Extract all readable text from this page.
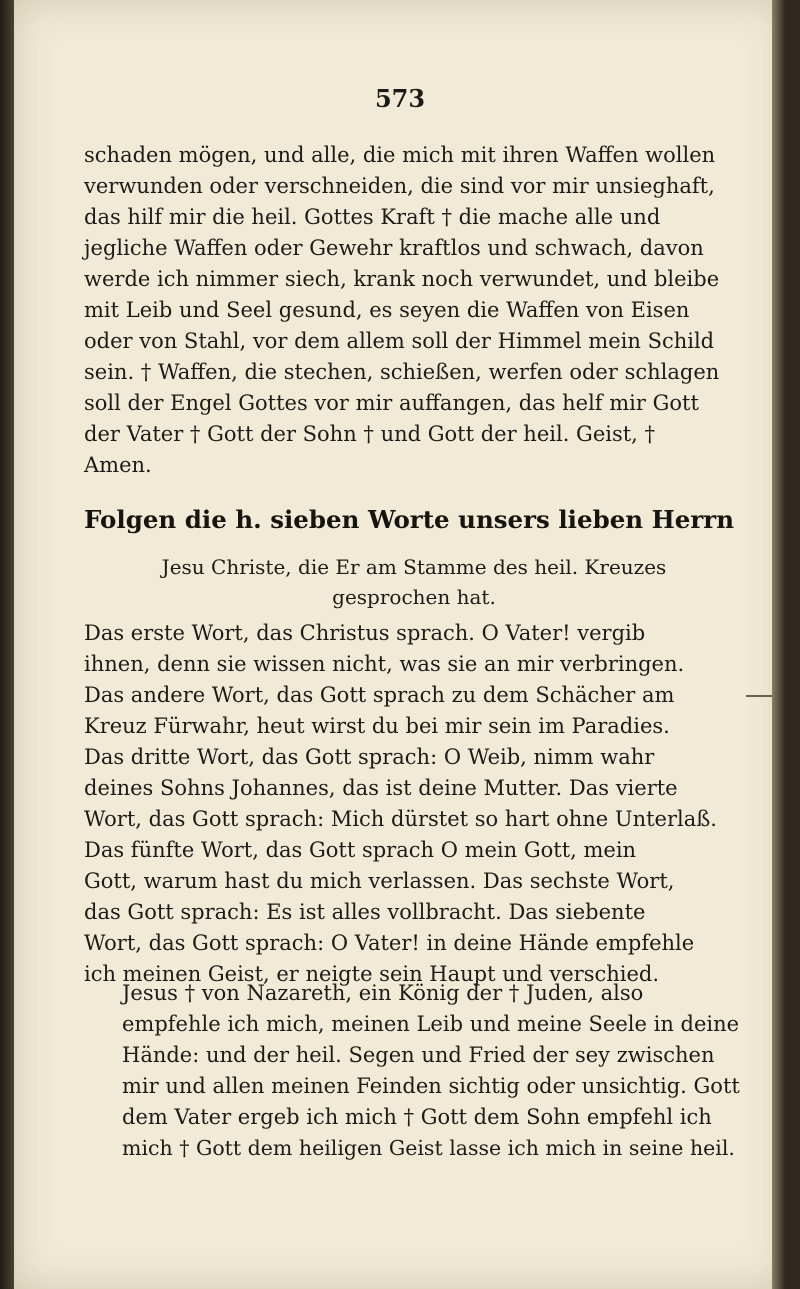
573
schaden mögen, und alle, die mich mit ihren Waffen wollen
verwunden oder verschneiden, die sind vor mir unsieghaft,
das hilf mir die heil. Gottes Kraft † die mache alle und
jegliche Waffen oder Gewehr kraftlos und schwach, davon
werde ich nimmer siech, krank noch verwundet, und bleibe
mit Leib und Seel gesund, es seyen die Waffen von Eisen
oder von Stahl, vor dem allem soll der Himmel mein Schild
sein. † Waffen, die stechen, schießen, werfen oder schlagen
soll der Engel Gottes vor mir auffangen, das helf mir Gott
der Vater † Gott der Sohn † und Gott der heil. Geist, †
Amen.
Folgen die h. sieben Worte unsers lieben Herrn
Jesu Christe, die Er am Stamme des heil. Kreuzes
gesprochen hat.
Das erste Wort, das Christus sprach. O Vater! vergib
ihnen, denn sie wissen nicht, was sie an mir verbringen.
Das andere Wort, das Gott sprach zu dem Schächer am
Kreuz Fürwahr, heut wirst du bei mir sein im Paradies.
Das dritte Wort, das Gott sprach: O Weib, nimm wahr
deines Sohns Johannes, das ist deine Mutter. Das vierte
Wort, das Gott sprach: Mich dürstet so hart ohne Unterlaß.
Das fünfte Wort, das Gott sprach O mein Gott, mein
Gott, warum hast du mich verlassen. Das sechste Wort,
das Gott sprach: Es ist alles vollbracht. Das siebente
Wort, das Gott sprach: O Vater! in deine Hände empfehle
ich meinen Geist, er neigte sein Haupt und verschied.
Jesus † von Nazareth, ein König der † Juden, also
empfehle ich mich, meinen Leib und meine Seele in deine
Hände: und der heil. Segen und Fried der sey zwischen
mir und allen meinen Feinden sichtig oder unsichtig. Gott
dem Vater ergeb ich mich † Gott dem Sohn empfehl ich
mich † Gott dem heiligen Geist lasse ich mich in seine heil.
